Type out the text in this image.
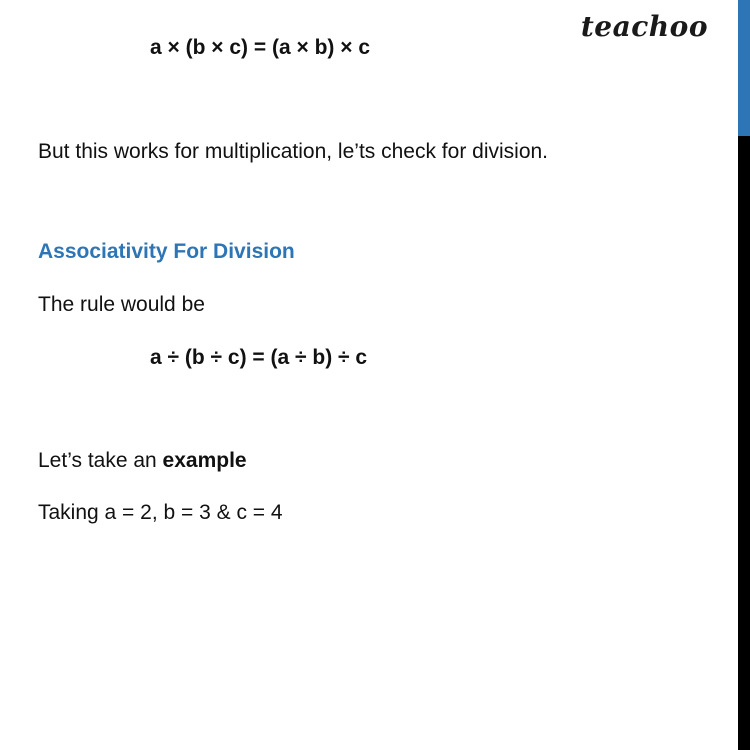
teachoo
a × (b × c) = (a × b) × c
But this works for multiplication, le’ts check for division.
Associativity For Division
The rule would be
a ÷ (b ÷ c) = (a ÷ b) ÷ c
Let’s take an example
Taking a = 2, b = 3 & c = 4
